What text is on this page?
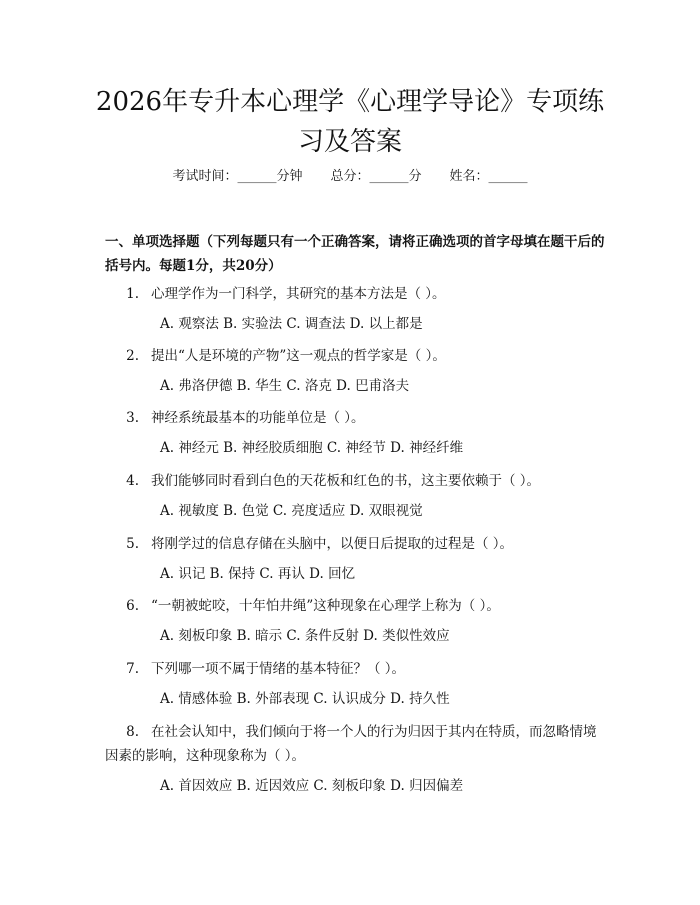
2026年专升本心理学《心理学导论》专项练习及答案
考试时间：______分钟 总分：______分 姓名：______
一、单项选择题（下列每题只有一个正确答案，请将正确选项的首字母填在题干后的括号内。每题1分，共20分）
1. 心理学作为一门科学，其研究的基本方法是（ ）。
A. 观察法 B. 实验法 C. 调查法 D. 以上都是
2. 提出“人是环境的产物”这一观点的哲学家是（ ）。
A. 弗洛伊德 B. 华生 C. 洛克 D. 巴甫洛夫
3. 神经系统最基本的功能单位是（ ）。
A. 神经元 B. 神经胶质细胞 C. 神经节 D. 神经纤维
4. 我们能够同时看到白色的天花板和红色的书，这主要依赖于（ ）。
A. 视敏度 B. 色觉 C. 亮度适应 D. 双眼视觉
5. 将刚学过的信息存储在头脑中，以便日后提取的过程是（ ）。
A. 识记 B. 保持 C. 再认 D. 回忆
6. “一朝被蛇咬，十年怕井绳”这种现象在心理学上称为（ ）。
A. 刻板印象 B. 暗示 C. 条件反射 D. 类似性效应
7. 下列哪一项不属于情绪的基本特征？（ ）。
A. 情感体验 B. 外部表现 C. 认识成分 D. 持久性
8. 在社会认知中，我们倾向于将一个人的行为归因于其内在特质，而忽略情境因素的影响，这种现象称为（ ）。
A. 首因效应 B. 近因效应 C. 刻板印象 D. 归因偏差
